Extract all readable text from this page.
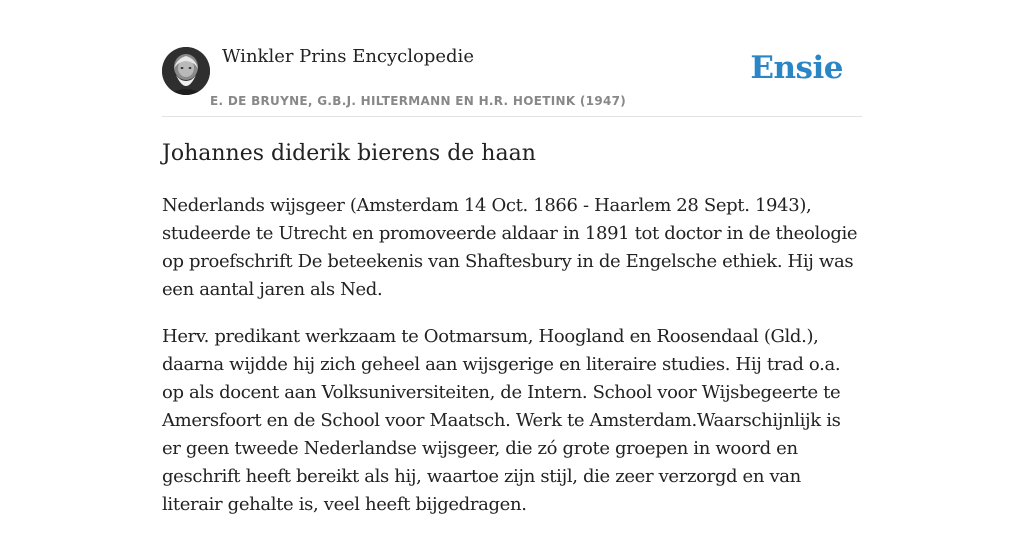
Winkler Prins Encyclopedie
E. DE BRUYNE, G.B.J. HILTERMANN EN H.R. HOETINK (1947)
Ensie
Johannes diderik bierens de haan

Nederlands wijsgeer (Amsterdam 14 Oct. 1866 - Haarlem 28 Sept. 1943), studeerde te Utrecht en promoveerde aldaar in 1891 tot doctor in de theologie op proefschrift De beteekenis van Shaftesbury in de Engelsche ethiek. Hij was een aantal jaren als Ned.

Herv. predikant werkzaam te Ootmarsum, Hoogland en Roosendaal (Gld.), daarna wijdde hij zich geheel aan wijsgerige en literaire studies. Hij trad o.a. op als docent aan Volksuniversiteiten, de Intern. School voor Wijsbegeerte te Amersfoort en de School voor Maatsch. Werk te Amsterdam.Waarschijnlijk is er geen tweede Nederlandse wijsgeer, die zó grote groepen in woord en geschrift heeft bereikt als hij, waartoe zijn stijl, die zeer verzorgd en van literair gehalte is, veel heeft bijgedragen.
